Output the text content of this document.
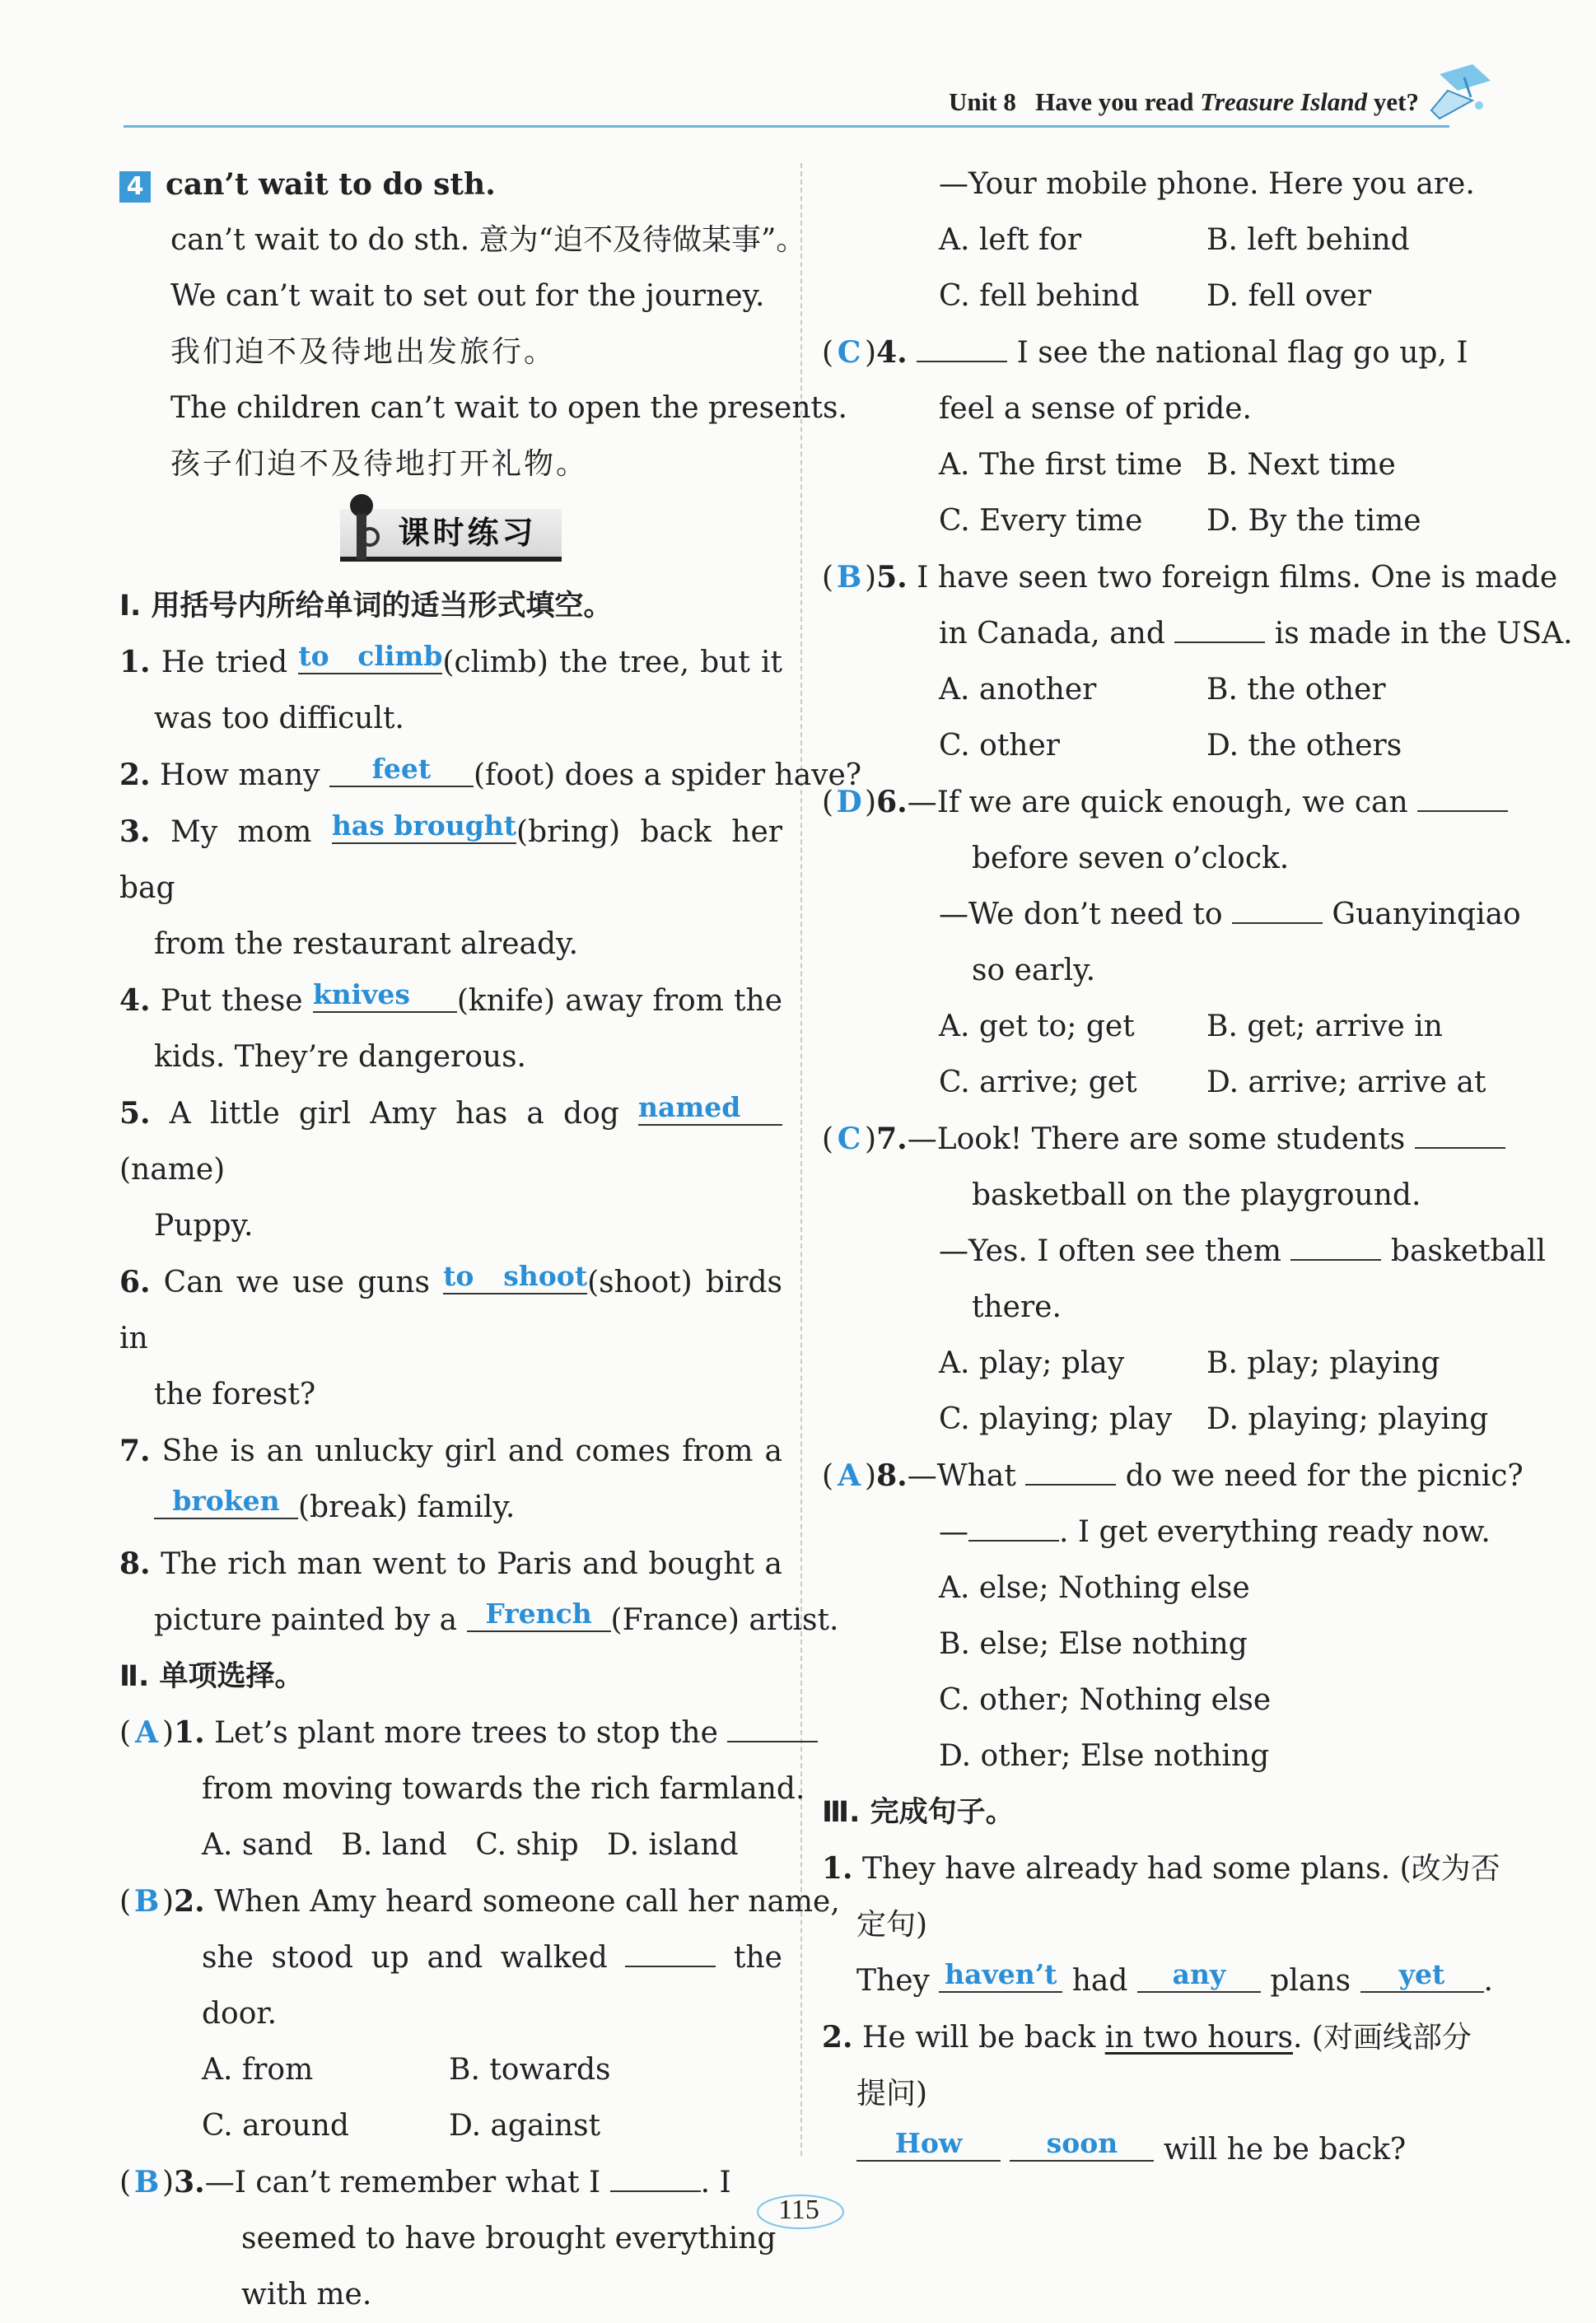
Unit 8 Have you read Treasure Island yet?
4 can’t wait to do sth.
can’t wait to do sth. 意为“迫不及待做某事”。
We can’t wait to set out for the journey.
我们迫不及待地出发旅行。
The children can’t wait to open the presents.
孩子们迫不及待地打开礼物。
课时练习
Ⅰ. 用括号内所给单词的适当形式填空。
1. He tried to climb(climb) the tree, but it
was too difficult.
2. How many feet (foot) does a spider have?
3. My mom has brought(bring) back her bag
from the restaurant already.
4. Put these knives (knife) away from the
kids. They’re dangerous.
5. A little girl Amy has a dog named(name)
Puppy.
6. Can we use guns to shoot(shoot) birds in
the forest?
7. She is an unlucky girl and comes from a
broken (break) family.
8. The rich man went to Paris and bought a
picture painted by a French (France) artist.
Ⅱ. 单项选择。
( A )1. Let’s plant more trees to stop the
from moving towards the rich farmland.
A. sand B. land C. ship D. island
( B )2. When Amy heard someone call her name,
she stood up and walked	the
door.
A. from	B. towards
C. around	D. against
( B )3.—I can’t remember what I	. I
seemed to have brought everything
with me.
—Your mobile phone. Here you are.
A. left for	B. left behind
C. fell behind D. fell over
( C )4.	I see the national flag go up, I
feel a sense of pride.
A. The first time B. Next time
C. Every time D. By the time
( B )5. I have seen two foreign films. One is made
in Canada, and	is made in the USA.
A. another	B. the other
C. other	D. the others
(D)6.—If we are quick enough, we can
before seven o’clock.
—We don’t need to	Guanyinqiao
so early.
A. get to; get B. get; arrive in
C. arrive; get D. arrive; arrive at
( C )7.—Look! There are some students
basketball on the playground.
—Yes. I often see them	basketball
there.
A. play; play	B. play; playing
C. playing; play D. playing; playing
( A )8.—What	do we need for the picnic?
—	. I get everything ready now.
A. else; Nothing else
B. else; Else nothing
C. other; Nothing else
D. other; Else nothing
Ⅲ. 完成句子。
1. They have already had some plans. (改为否
定句)
They haven’t had any plans yet .
2. He will be back in two hours. (对画线部分
提问)
How	soon will he be back?
115
